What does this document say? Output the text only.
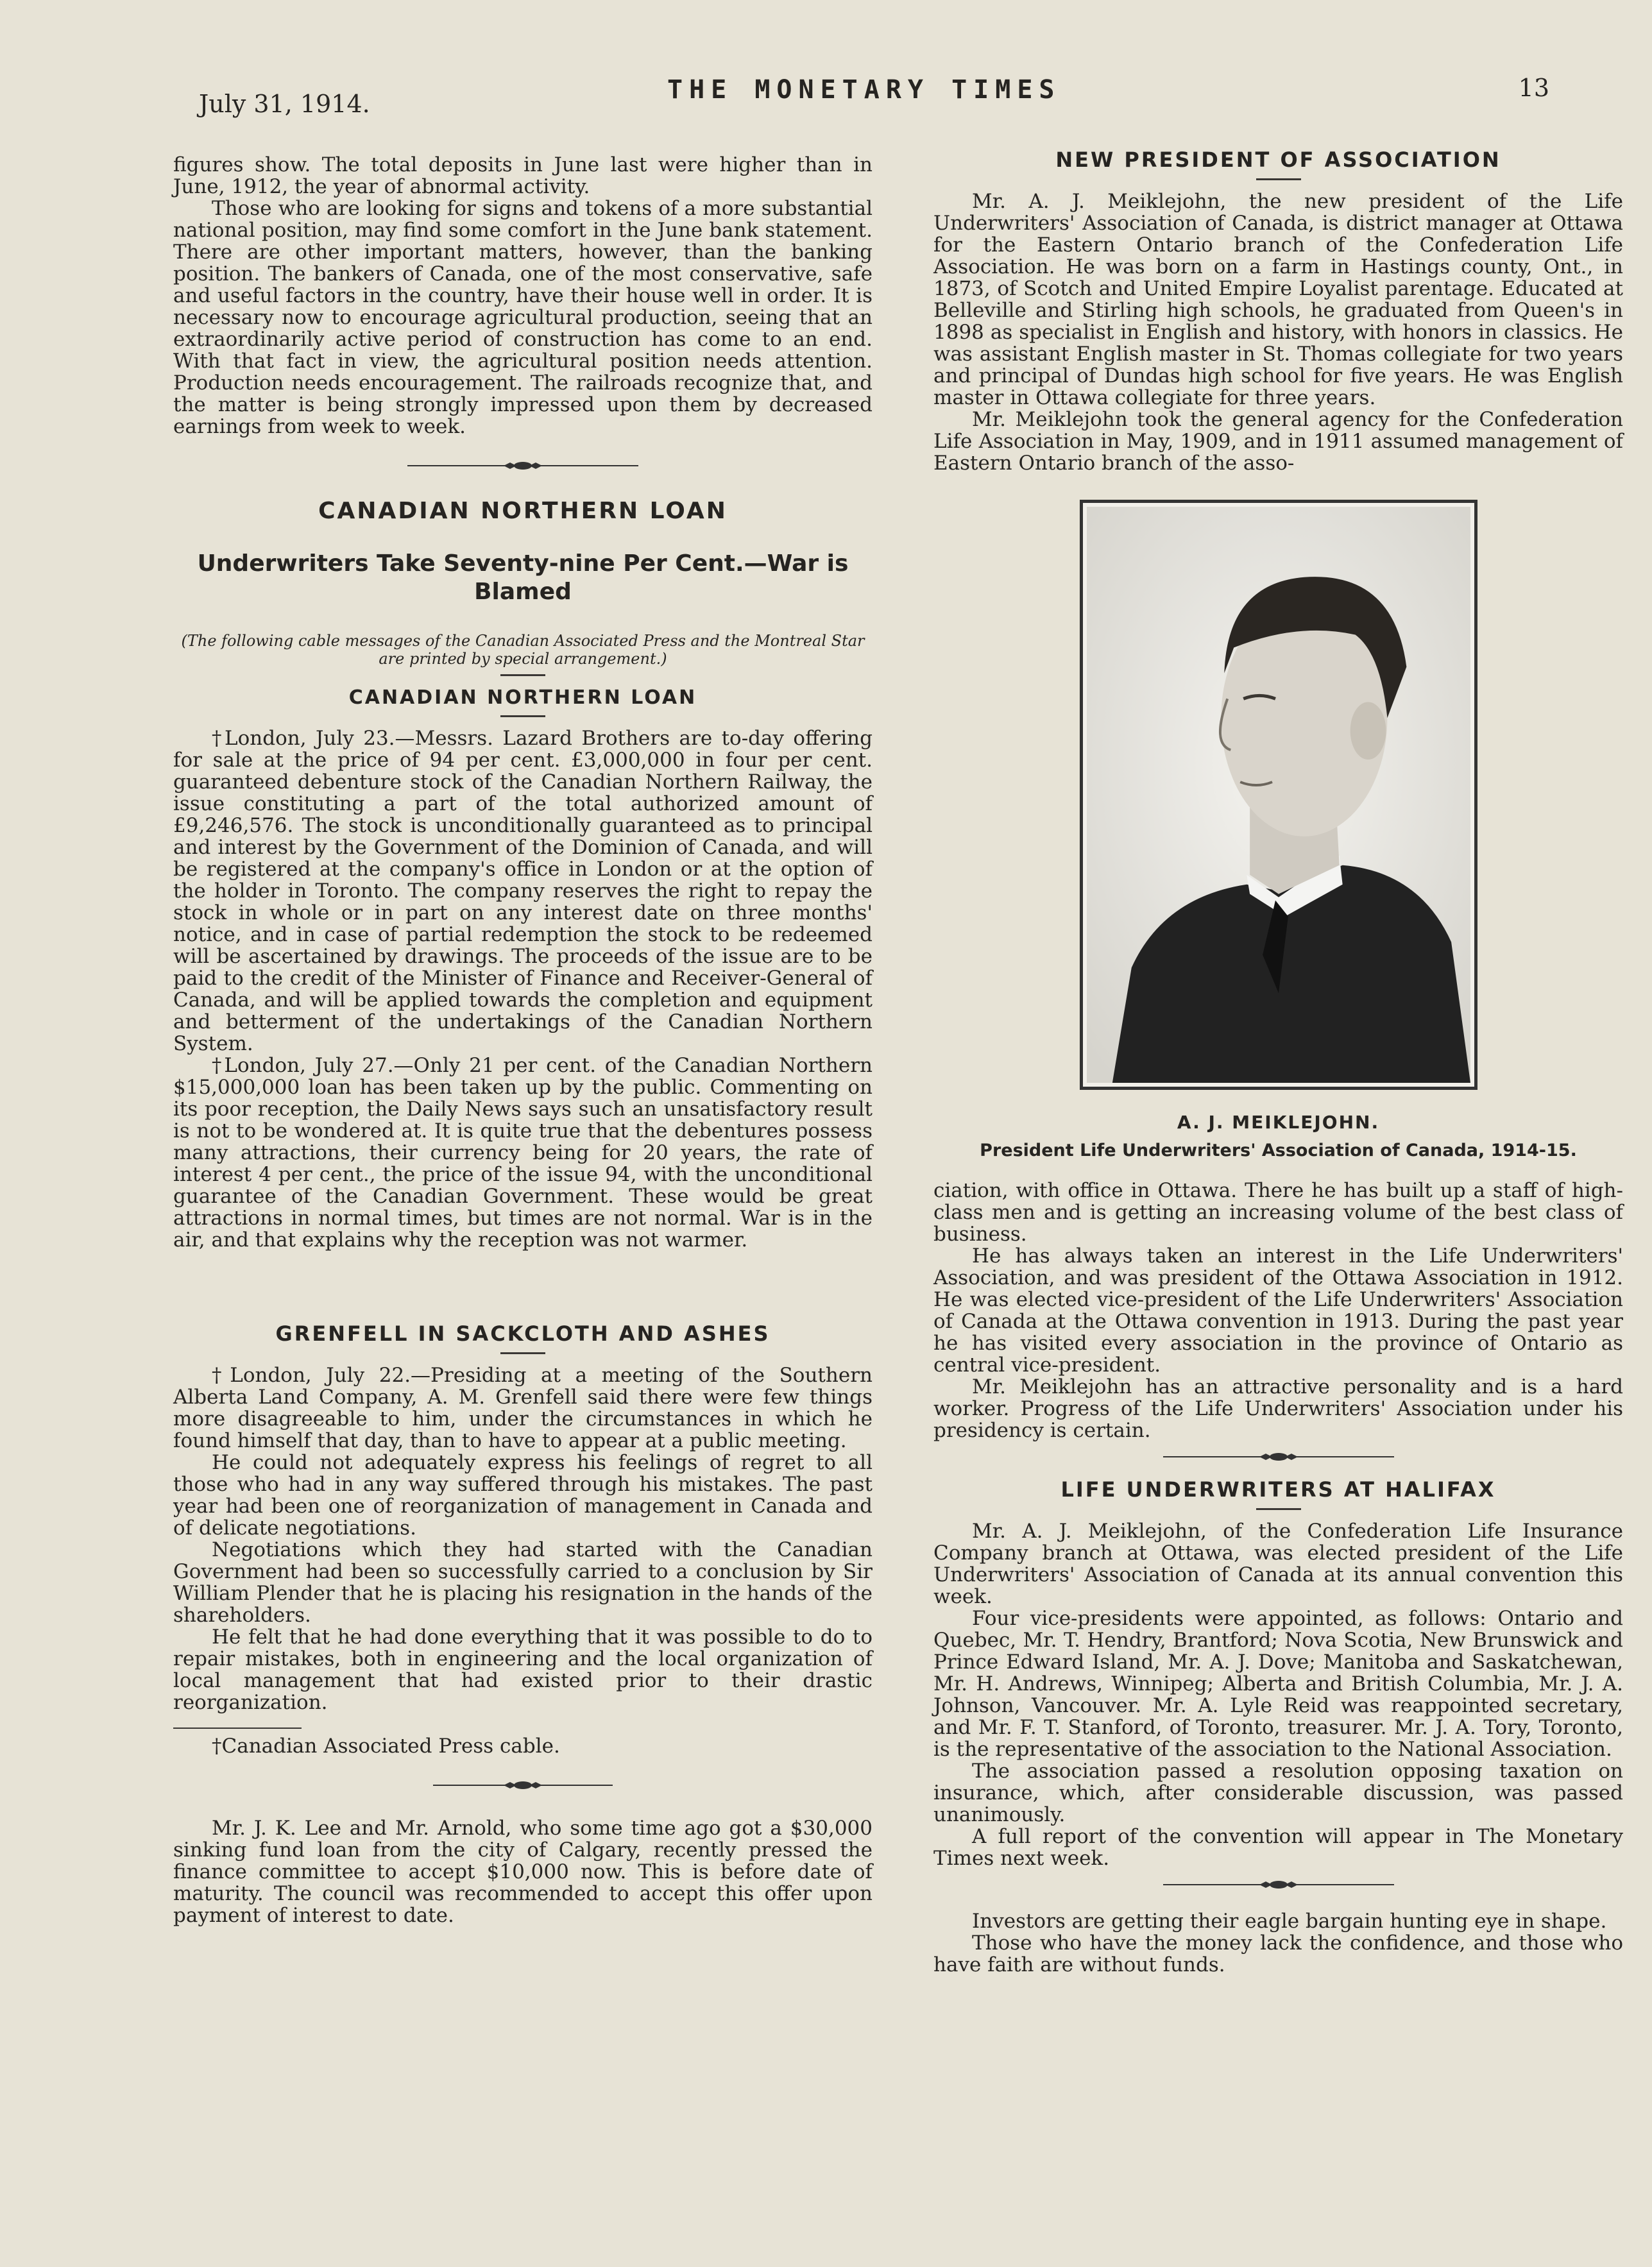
July 31, 1914.	THE MONETARY TIMES	13

figures show. The total deposits in June last were higher than in June, 1912, the year of abnormal activity.

Those who are looking for signs and tokens of a more substantial national position, may find some comfort in the June bank statement. There are other important matters, however, than the banking position. The bankers of Canada, one of the most conservative, safe and useful factors in the country, have their house well in order. It is necessary now to encourage agricultural production, seeing that an extraordinarily active period of construction has come to an end. With that fact in view, the agricultural position needs attention. Production needs encouragement. The railroads recognize that, and the matter is being strongly impressed upon them by decreased earnings from week to week.

CANADIAN NORTHERN LOAN
Underwriters Take Seventy-nine Per Cent.—War is Blamed

(The following cable messages of the Canadian Associated Press and the Montreal Star are printed by special arrangement.)

CANADIAN NORTHERN LOAN

†London, July 23.—Messrs. Lazard Brothers are to-day offering for sale at the price of 94 per cent. £3,000,000 in four per cent. guaranteed debenture stock of the Canadian Northern Railway, the issue constituting a part of the total authorized amount of £9,246,576. The stock is unconditionally guaranteed as to principal and interest by the Government of the Dominion of Canada, and will be registered at the company's office in London or at the option of the holder in Toronto. The company reserves the right to repay the stock in whole or in part on any interest date on three months' notice, and in case of partial redemption the stock to be redeemed will be ascertained by drawings. The proceeds of the issue are to be paid to the credit of the Minister of Finance and Receiver-General of Canada, and will be applied towards the completion and equipment and betterment of the undertakings of the Canadian Northern System.

†London, July 27.—Only 21 per cent. of the Canadian Northern $15,000,000 loan has been taken up by the public. Commenting on its poor reception, the Daily News says such an unsatisfactory result is not to be wondered at. It is quite true that the debentures possess many attractions, their currency being for 20 years, the rate of interest 4 per cent., the price of the issue 94, with the unconditional guarantee of the Canadian Government. These would be great attractions in normal times, but times are not normal. War is in the air, and that explains why the reception was not warmer.

GRENFELL IN SACKCLOTH AND ASHES

†London, July 22.—Presiding at a meeting of the Southern Alberta Land Company, A. M. Grenfell said there were few things more disagreeable to him, under the circumstances in which he found himself that day, than to have to appear at a public meeting.

He could not adequately express his feelings of regret to all those who had in any way suffered through his mistakes. The past year had been one of reorganization of management in Canada and of delicate negotiations.

Negotiations which they had started with the Canadian Government had been so successfully carried to a conclusion by Sir William Plender that he is placing his resignation in the hands of the shareholders.

He felt that he had done everything that it was possible to do to repair mistakes, both in engineering and the local organization of local management that had existed prior to their drastic reorganization.

†Canadian Associated Press cable.

Mr. J. K. Lee and Mr. Arnold, who some time ago got a $30,000 sinking fund loan from the city of Calgary, recently pressed the finance committee to accept $10,000 now. This is before date of maturity. The council was recommended to accept this offer upon payment of interest to date.

NEW PRESIDENT OF ASSOCIATION

Mr. A. J. Meiklejohn, the new president of the Life Underwriters' Association of Canada, is district manager at Ottawa for the Eastern Ontario branch of the Confederation Life Association. He was born on a farm in Hastings county, Ont., in 1873, of Scotch and United Empire Loyalist parentage. Educated at Belleville and Stirling high schools, he graduated from Queen's in 1898 as specialist in English and history, with honors in classics. He was assistant English master in St. Thomas collegiate for two years and principal of Dundas high school for five years. He was English master in Ottawa collegiate for three years.

Mr. Meiklejohn took the general agency for the Confederation Life Association in May, 1909, and in 1911 assumed management of Eastern Ontario branch of the asso-

A. J. MEIKLEJOHN.

President Life Underwriters' Association of Canada, 1914-15.

ciation, with office in Ottawa. There he has built up a staff of high-class men and is getting an increasing volume of the best class of business.

He has always taken an interest in the Life Underwriters' Association, and was president of the Ottawa Association in 1912. He was elected vice-president of the Life Underwriters' Association of Canada at the Ottawa convention in 1913. During the past year he has visited every association in the province of Ontario as central vice-president.

Mr. Meiklejohn has an attractive personality and is a hard worker. Progress of the Life Underwriters' Association under his presidency is certain.

LIFE UNDERWRITERS AT HALIFAX

Mr. A. J. Meiklejohn, of the Confederation Life Insurance Company branch at Ottawa, was elected president of the Life Underwriters' Association of Canada at its annual convention this week.

Four vice-presidents were appointed, as follows: Ontario and Quebec, Mr. T. Hendry, Brantford; Nova Scotia, New Brunswick and Prince Edward Island, Mr. A. J. Dove; Manitoba and Saskatchewan, Mr. H. Andrews, Winnipeg; Alberta and British Columbia, Mr. J. A. Johnson, Vancouver. Mr. A. Lyle Reid was reappointed secretary, and Mr. F. T. Stanford, of Toronto, treasurer. Mr. J. A. Tory, Toronto, is the representative of the association to the National Association.

The association passed a resolution opposing taxation on insurance, which, after considerable discussion, was passed unanimously.

A full report of the convention will appear in The Monetary Times next week.

Investors are getting their eagle bargain hunting eye in shape.

Those who have the money lack the confidence, and those who have faith are without funds.
